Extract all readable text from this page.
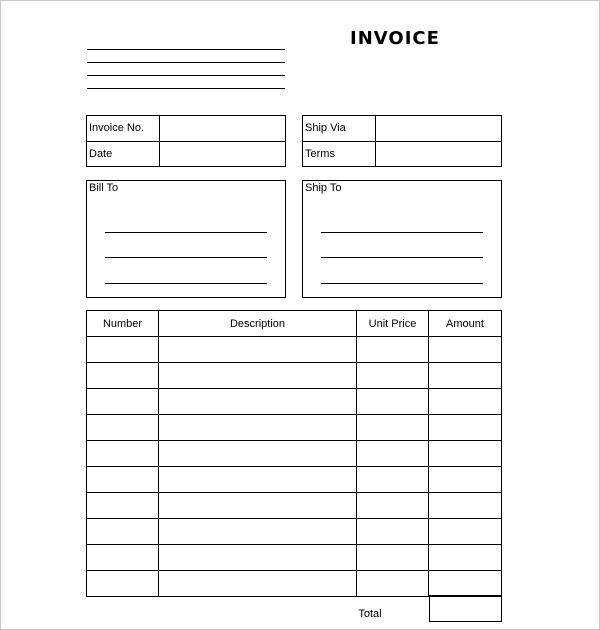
INVOICE
Invoice No.
Date
Ship Via
Terms
Bill To	Ship To
Number	Description	Unit Price	Amount

Total
